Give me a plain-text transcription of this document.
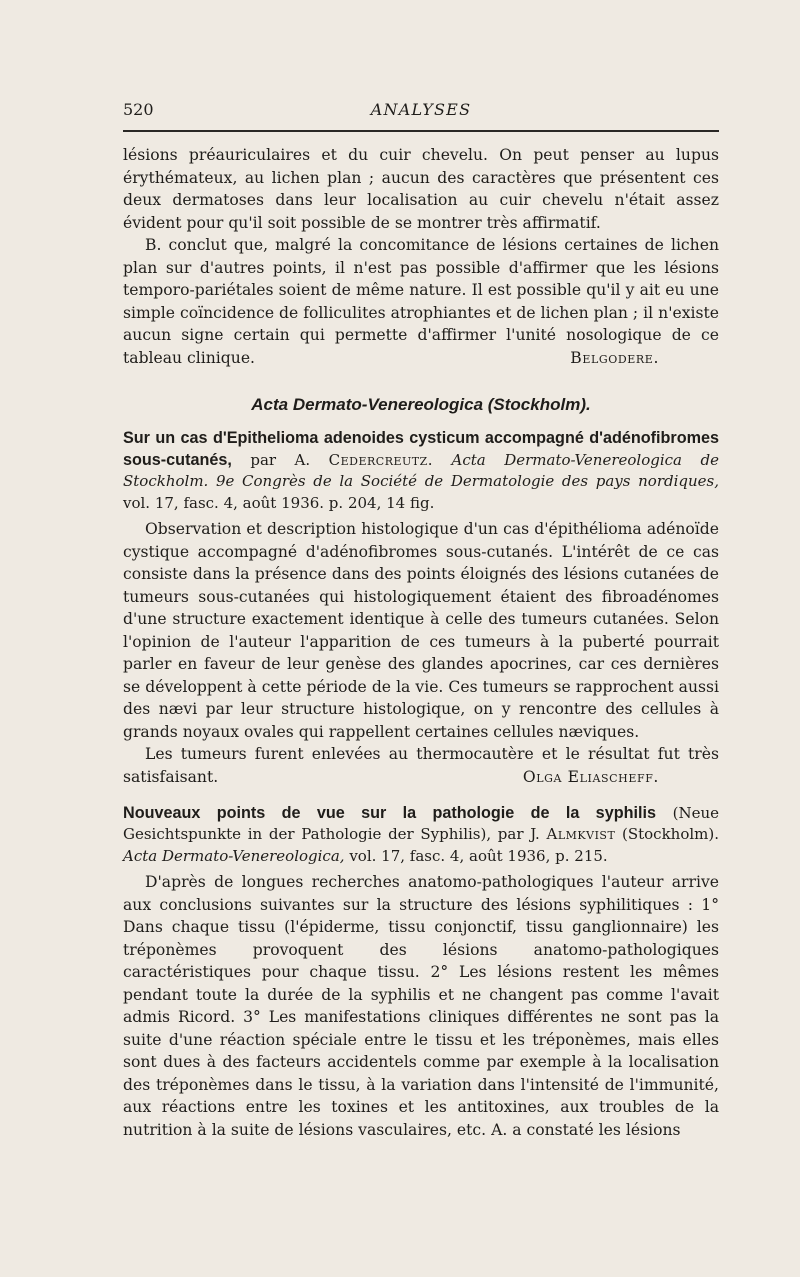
520	ANALYSES

lésions préauriculaires et du cuir chevelu. On peut penser au lupus érythémateux, au lichen plan ; aucun des caractères que présentent ces deux dermatoses dans leur localisation au cuir chevelu n'était assez évident pour qu'il soit possible de se montrer très affirmatif.

B. conclut que, malgré la concomitance de lésions certaines de lichen plan sur d'autres points, il n'est pas possible d'affirmer que les lésions temporo-pariétales soient de même nature. Il est possible qu'il y ait eu une simple coïncidence de folliculites atrophiantes et de lichen plan ; il n'existe aucun signe certain qui permette d'affirmer l'unité nosologique de ce tableau clinique.	Belgodere.

Acta Dermato-Venereologica (Stockholm).

Sur un cas d'Epithelioma adenoides cysticum accompagné d'adénofibromes sous-cutanés, par A. Cedercreutz. Acta Dermato-Venereologica de Stockholm. 9e Congrès de la Société de Dermatologie des pays nordiques, vol. 17, fasc. 4, août 1936. p. 204, 14 fig.

Observation et description histologique d'un cas d'épithélioma adénoïde cystique accompagné d'adénofibromes sous-cutanés. L'intérêt de ce cas consiste dans la présence dans des points éloignés des lésions cutanées de tumeurs sous-cutanées qui histologiquement étaient des fibroadénomes d'une structure exactement identique à celle des tumeurs cutanées. Selon l'opinion de l'auteur l'apparition de ces tumeurs à la puberté pourrait parler en faveur de leur genèse des glandes apocrines, car ces dernières se développent à cette période de la vie. Ces tumeurs se rapprochent aussi des nævi par leur structure histologique, on y rencontre des cellules à grands noyaux ovales qui rappellent certaines cellules næviques.

Les tumeurs furent enlevées au thermocautère et le résultat fut très satisfaisant.	Olga Eliascheff.

Nouveaux points de vue sur la pathologie de la syphilis (Neue Gesichtspunkte in der Pathologie der Syphilis), par J. Almkvist (Stockholm). Acta Dermato-Venereologica, vol. 17, fasc. 4, août 1936, p. 215.

D'après de longues recherches anatomo-pathologiques l'auteur arrive aux conclusions suivantes sur la structure des lésions syphilitiques : 1° Dans chaque tissu (l'épiderme, tissu conjonctif, tissu ganglionnaire) les tréponèmes provoquent des lésions anatomo-pathologiques caractéristiques pour chaque tissu. 2° Les lésions restent les mêmes pendant toute la durée de la syphilis et ne changent pas comme l'avait admis Ricord. 3° Les manifestations cliniques différentes ne sont pas la suite d'une réaction spéciale entre le tissu et les tréponèmes, mais elles sont dues à des facteurs accidentels comme par exemple à la localisation des tréponèmes dans le tissu, à la variation dans l'intensité de l'immunité, aux réactions entre les toxines et les antitoxines, aux troubles de la nutrition à la suite de lésions vasculaires, etc. A. a constaté les lésions
